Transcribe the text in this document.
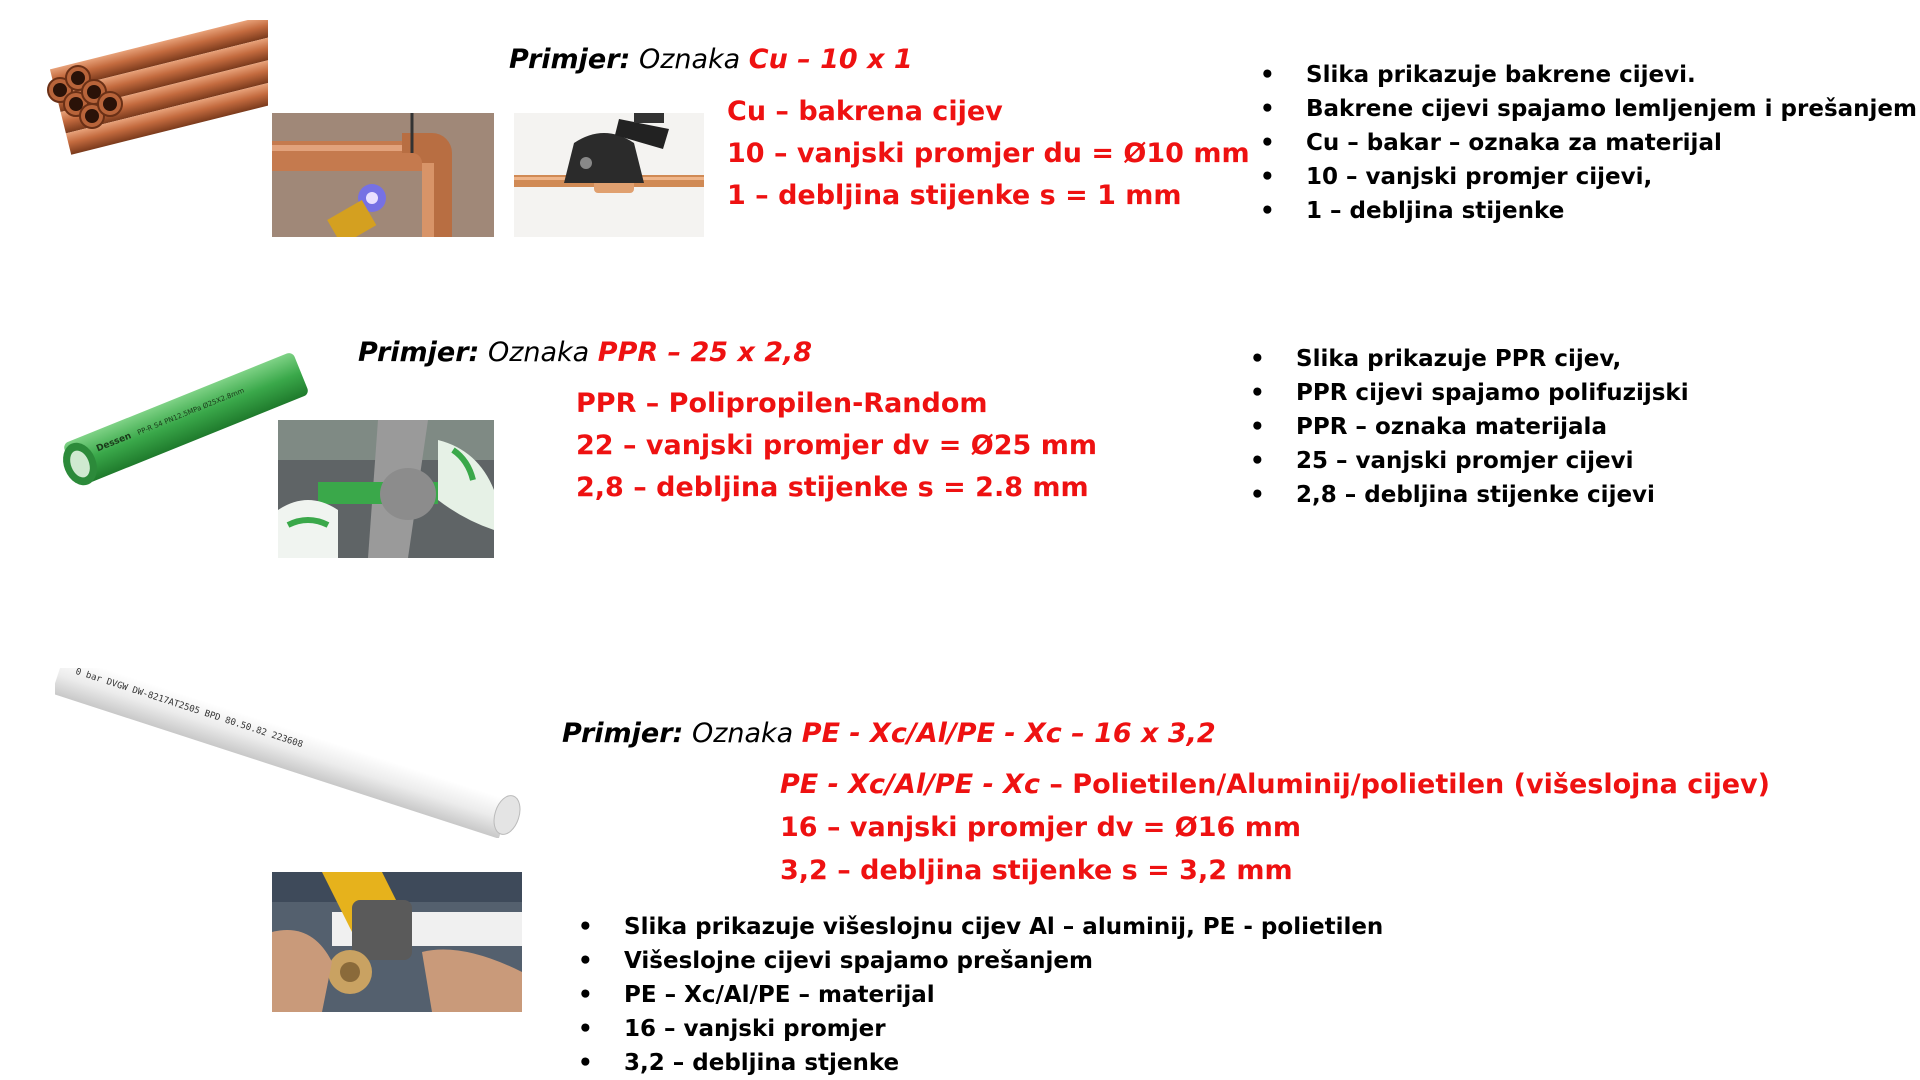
Primjer: Oznaka Cu – 10 x 1
Cu – bakrena cijev
10 – vanjski promjer du = Ø10 mm
1 – debljina stijenke s = 1 mm
• Slika prikazuje bakrene cijevi.
• Bakrene cijevi spajamo lemljenjem i prešanjem
• Cu – bakar – oznaka za materijal
• 10 – vanjski promjer cijevi,
• 1 – debljina stijenke
Dessen
PP-R S4 PN12.5MPa Ø25X2.8mm
Primjer: Oznaka PPR – 25 x 2,8
PPR – Polipropilen-Random
22 – vanjski promjer dv = Ø25 mm
2,8 – debljina stijenke s = 2.8 mm
• Slika prikazuje PPR cijev,
• PPR cijevi spajamo polifuzijski
• PPR – oznaka materijala
• 25 – vanjski promjer cijevi
• 2,8 – debljina stijenke cijevi
0 bar DVGW DW-8217AT2505 BPD 80.50.82 223608	Primjer: Oznaka PE - Xc/Al/PE - Xc – 16 x 3,2
PE - Xc/Al/PE - Xc – Polietilen/Aluminij/polietilen (višeslojna cijev)
16 – vanjski promjer dv = Ø16 mm
3,2 – debljina stijenke s = 3,2 mm
• Slika prikazuje višeslojnu cijev Al – aluminij, PE - polietilen
• Višeslojne cijevi spajamo prešanjem
• PE – Xc/Al/PE – materijal
• 16 – vanjski promjer
• 3,2 – debljina stjenke
